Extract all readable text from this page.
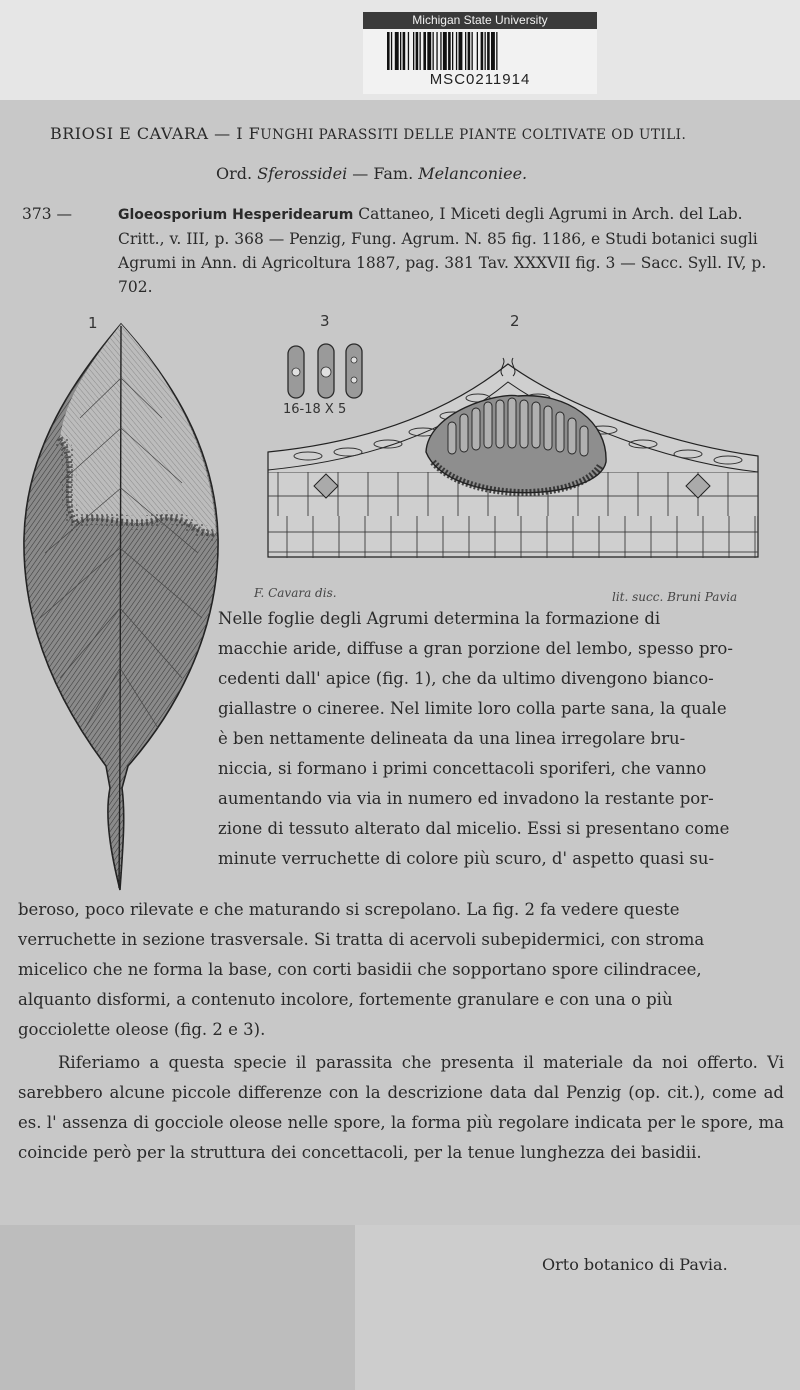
Michigan State University
MSC0211914
BRIOSI E CAVARA — I FUNGHI PARASSITI DELLE PIANTE COLTIVATE OD UTILI.
Ord. Sferossidei — Fam. Melanconiee.
373 —	Gloeosporium Hesperidearum Cattaneo, I Miceti degli Agrumi in Arch. del Lab. Critt., v. III, p. 368 — Penzig, Fung. Agrum. N. 85 fig. 1186, e Studi botanici sugli Agrumi in Ann. di Agricoltura 1887, pag. 381 Tav. XXXVII fig. 3 — Sacc. Syll. IV, p. 702.
1	3
16-18 X 5
2
F. Cavara dis.	lit. succ. Bruni Pavia

Nelle foglie degli Agrumi determina la formazione di

macchie aride, diffuse a gran porzione del lembo, spesso pro-

cedenti dall' apice (fig. 1), che da ultimo divengono bianco-

giallastre o cineree. Nel limite loro colla parte sana, la quale

è ben nettamente delineata da una linea irregolare bru-

niccia, si formano i primi concettacoli sporiferi, che vanno

aumentando via via in numero ed invadono la restante por-

zione di tessuto alterato dal micelio. Essi si presentano come

minute verruchette di colore più scuro, d' aspetto quasi su-

beroso, poco rilevate e che maturando si screpolano. La fig. 2 fa vedere queste

verruchette in sezione trasversale. Si tratta di acervoli subepidermici, con stroma

micelico che ne forma la base, con corti basidii che sopportano spore cilindracee,

alquanto disformi, a contenuto incolore, fortemente granulare e con una o più

gocciolette oleose (fig. 2 e 3).

Riferiamo a questa specie il parassita che presenta il materiale da noi offerto. Vi sarebbero alcune piccole differenze con la descrizione data dal Penzig (op. cit.), come ad es. l' assenza di gocciole oleose nelle spore, la forma più regolare indicata per le spore, ma coincide però per la struttura dei concettacoli, per la tenue lunghezza dei basidii.
Orto botanico di Pavia.
